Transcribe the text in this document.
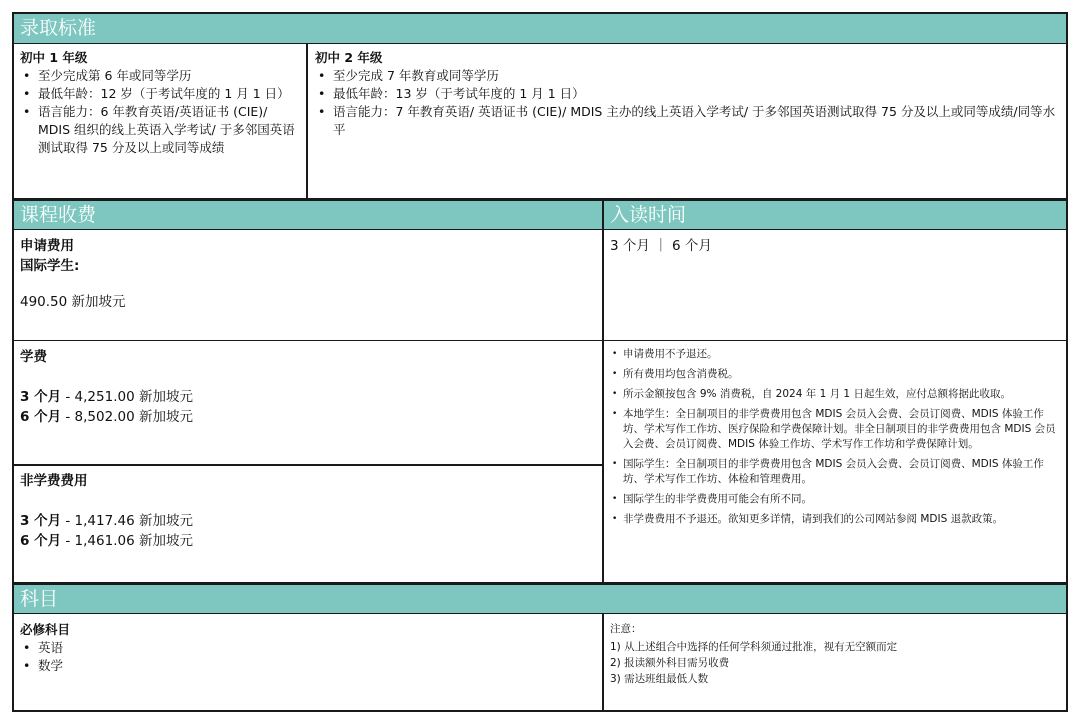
录取标准
初中 1 年级
• 至少完成第 6 年或同等学历
• 最低年龄：12 岁（于考试年度的 1 月 1 日）
• 语言能力：6 年教育英语/英语证书 (CIE)/ MDIS 组织的线上英语入学考试/ 于多邻国英语测试取得 75 分及以上或同等成绩
初中 2 年级
• 至少完成 7 年教育或同等学历
• 最低年龄：13 岁（于考试年度的 1 月 1 日）
• 语言能力：7 年教育英语/ 英语证书 (CIE)/ MDIS 主办的线上英语入学考试/ 于多邻国英语测试取得 75 分及以上或同等成绩/同等水平
课程收费	入读时间
申请费用
国际学生:
490.50 新加坡元
3 个月 ｜ 6 个月
学费
3 个月 - 4,251.00 新加坡元
6 个月 - 8,502.00 新加坡元
非学费费用
3 个月 - 1,417.46 新加坡元
6 个月 - 1,461.06 新加坡元
• 申请费用不予退还。
• 所有费用均包含消费税。
• 所示金额按包含 9% 消费税，自 2024 年 1 月 1 日起生效，应付总额将据此收取。
• 本地学生：全日制项目的非学费费用包含 MDIS 会员入会费、会员订阅费、MDIS 体验工作坊、学术写作工作坊、医疗保险和学费保障计划。非全日制项目的非学费费用包含 MDIS 会员入会费、会员订阅费、MDIS 体验工作坊、学术写作工作坊和学费保障计划。
• 国际学生：全日制项目的非学费费用包含 MDIS 会员入会费、会员订阅费、MDIS 体验工作坊、学术写作工作坊、体检和管理费用。
• 国际学生的非学费费用可能会有所不同。
• 非学费费用不予退还。欲知更多详情，请到我们的公司网站参阅 MDIS 退款政策。
科目
必修科目
• 英语
• 数学
注意：
1) 从上述组合中选择的任何学科须通过批准，视有无空额而定
2) 报读额外科目需另收费
3) 需达班组最低人数
